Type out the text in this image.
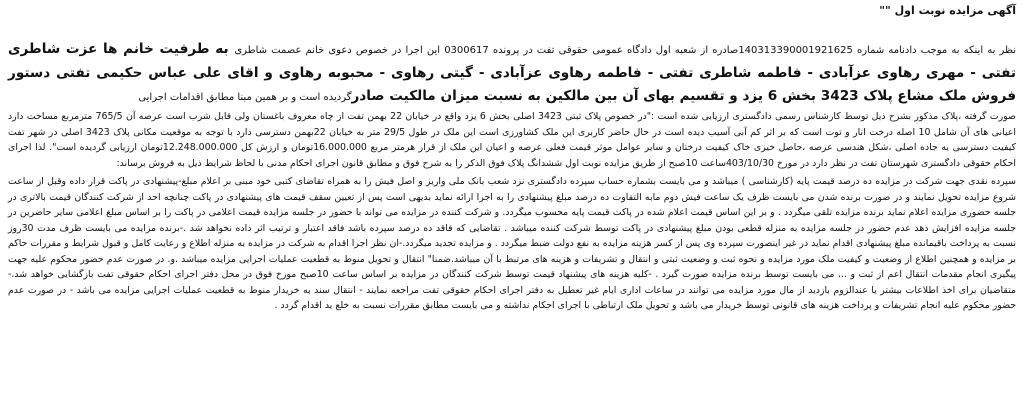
آگهی مزایده نوبت اول ""

نظر به اینکه به موجب دادنامه شماره 140313390001921625صادره از شعبه اول دادگاه عمومی حقوقی تفت در پرونده 0300617 این اجرا در خصوص دعوی خانم عصمت شاطری به طرفیت خانم ها عزت شاطری تفتی - مهری رهاوی عزآبادی - فاطمه شاطری تفتی - فاطمه رهاوی عزآبادی - گیتی رهاوی - محبوبه رهاوی و اقای علی عباس حکیمی تفتی دستور فروش ملک مشاع پلاک 3423 بخش 6 یزد و تقسیم بهای آن بین مالکین به نسبت میزان مالکیت صادرگردیده است و بر همین مبنا مطابق اقدامات اجرایی

صورت گرفته ،پلاک مذکور بشرح ذیل توسط کارشناس رسمی دادگستری ارزیابی شده است :"در خصوص پلاک ثبتی 3423 اصلی بخش 6 یزد واقع در خیابان 22 بهمن تفت از چاه معروف باغستان ولی قابل شرب است عرصه آن 765/5 مترمربع مساحت دارد اعیانی های آن شامل 10 اصله درخت انار و توت است که بر اثر کم آبی آسیب دیده است در حال حاضر کاربری این ملک کشاورزی است این ملک در طول 29/5 متر به خیابان 22بهمن دسترسی دارد با توجه به موقعیت مکانی پلاک 3423 اصلی در شهر تفت کیفیت دسترسی به جاده اصلی ،شکل هندسی عرصه ،حاصل خیزی خاک کیفیت درختان و سایر عوامل موثر قیمت فعلی عرصه و اعیان این ملک از قرار هرمتر مربع 16.000.000تومان و ارزش کل 12.248.000.000تومان ارزیابی گردیده است". لذا اجرای احکام حقوقی دادگستری شهرستان تفت در نظر دارد در مورخ 403/10/30ساعت 10صبح از طریق مزایده نوبت اول ششدانگ پلاک فوق الذکر را به شرح فوق و مطابق قانون اجرای احکام مدنی با لحاظ شرایط ذیل به فروش برساند:

سپرده نقدی جهت شرکت در مزایده ده درصد قیمت پایه (کارشناسی ) میباشد و می بایست بشماره حساب سپرده دادگستری نزد شعب بانک ملی واریز و اصل فیش را به همراه تقاضای کتبی خود مبنی بر اعلام مبلغ-پیشنهادی در پاکت قرار داده وقبل از ساعت شروع مزایده تحویل نمایند و در صورت برنده شدن می بایست ظرف یک ساعت فیش دوم مابه التفاوت ده درصد مبلغ پیشنهادی را به اجرا ارائه نماید بدیهی است پس از تعیین سقف قیمت های پیشنهادی در پاکت چنانچه احد از شرکت کنندگان قیمت بالاتری در جلسه حضوری مزایده اعلام نماید برنده مزایده تلقی میگردد . و بر این اساس قیمت اعلام شده در پاکت قیمت پایه محسوب میگردد. و شرکت کننده در مزایده می تواند با حضور در جلسه مزایده قیمت اعلامی در پاکت را بر اساس مبلغ اعلامی سایر حاضرین در جلسه مزایده افزایش دهد عدم حضور در جلسه مزایده به منزله قطعی بودن مبلغ پیشنهادی در پاکت توسط شرکت کننده میباشد . تقاضایی که فاقد ده درصد سپرده باشد فاقد اعتبار و ترتیب اثر داده نخواهد شد .-برنده مزایده می بایست ظرف مدت 30روز نسبت به پرداخت باقیمانده مبلغ پیشنهادی اقدام نماید در غیر اینصورت سپرده وی پس از کسر هزینه مزایده به نفع دولت ضبط میگردد . و مزایده تجدید میگردد.-ان نظر اجرا اقدام به شرکت در مزایده به منزله اطلاع و رعایت کامل و قبول شرایط و مقررات حاکم بر مزایده و همچنین اطلاع از وضعیت و کیفیت ملک مورد مزایده و نحوه ثبت و وضعیت ثبتی و انتقال و تشریفات و هزینه های مرتبط با آن میباشد.ضمنا" انتقال و تحویل منوط به قطعیت عملیات اجرایی مزایده میباشد .و. در صورت عدم حضور محکوم علیه جهت پیگیری انجام مقدمات انتقال اعم از ثبت و ... می بایست توسط برنده مزایده صورت گیرد . -کلیه هزینه های پیشنهاد قیمت توسط شرکت کنندگان در مزایده بر اساس ساعت 10صبح مورخ فوق در محل دفتر اجرای احکام حقوقی تفت بازگشایی خواهد شد.-متقاضیان برای اخذ اطلاعات بیشتر یا عندالزوم بازدید از مال مورد مزایده می توانند در ساعات اداری ایام غیر تعطیل به دفتر اجرای احکام حقوقی تفت مراجعه نمایند - انتقال سند به خریدار منوط به قطعیت عملیات اجرایی مزایده می باشد - در صورت عدم حضور محکوم علیه انجام تشریفات و پرداخت هزینه های قانونی توسط خریدار می باشد و تحویل ملک ارتباطی با اجرای احکام نداشته و می بایست مطابق مقررات نسبت به خلع ید اقدام گردد .
